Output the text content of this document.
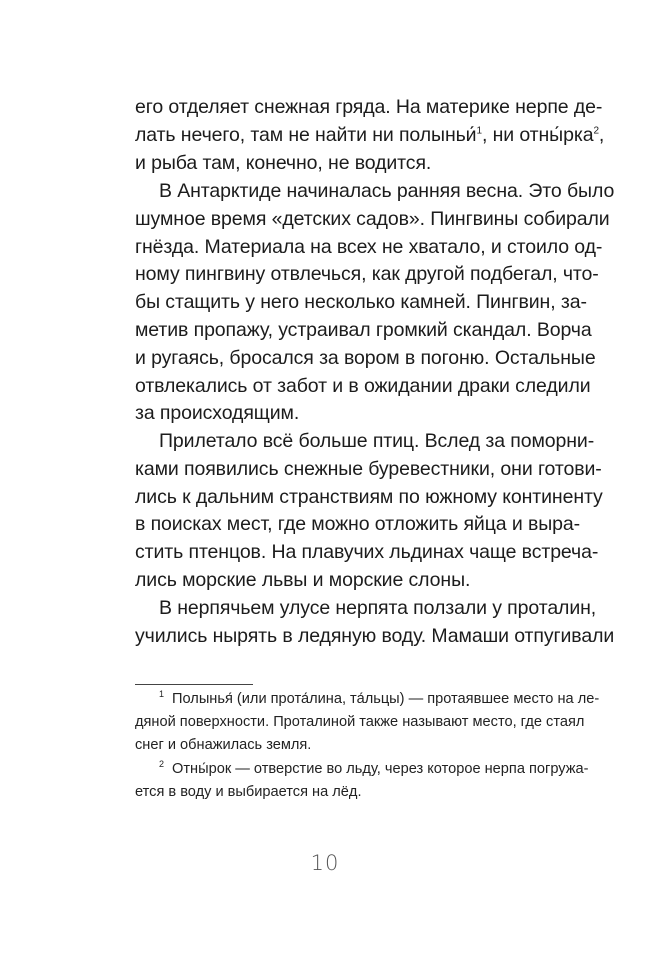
его отделяет снежная гряда. На материке нерпе де-
лать нечего, там не найти ни полыньи́$^1$, ни отны́рка$^2$,
и рыба там, конечно, не водится.
В Антарктиде начиналась ранняя весна. Это было
шумное время «детских садов». Пингвины собирали
гнёзда. Материала на всех не хватало, и стоило од-
ному пингвину отвлечься, как другой подбегал, что-
бы стащить у него несколько камней. Пингвин, за-
метив пропажу, устраивал громкий скандал. Ворча
и ругаясь, бросался за вором в погоню. Остальные
отвлекались от забот и в ожидании драки следили
за происходящим.
Прилетало всё больше птиц. Вслед за поморни-
ками появились снежные буревестники, они готови-
лись к дальним странствиям по южному континенту
в поисках мест, где можно отложить яйца и выра-
стить птенцов. На плавучих льдинах чаще встреча-
лись морские львы и морские слоны.
В нерпячьем улусе нерпята ползали у проталин,
учились нырять в ледяную воду. Мамаши отпугивали
$^1$ Полынья́ (или прота́лина, та́льцы) — протаявшее место на ле-
дяной поверхности. Проталиной также называют место, где стаял
снег и обнажилась земля.
$^2$ Отны́рок — отверстие во льду, через которое нерпа погружа-
ется в воду и выбирается на лёд.
10
